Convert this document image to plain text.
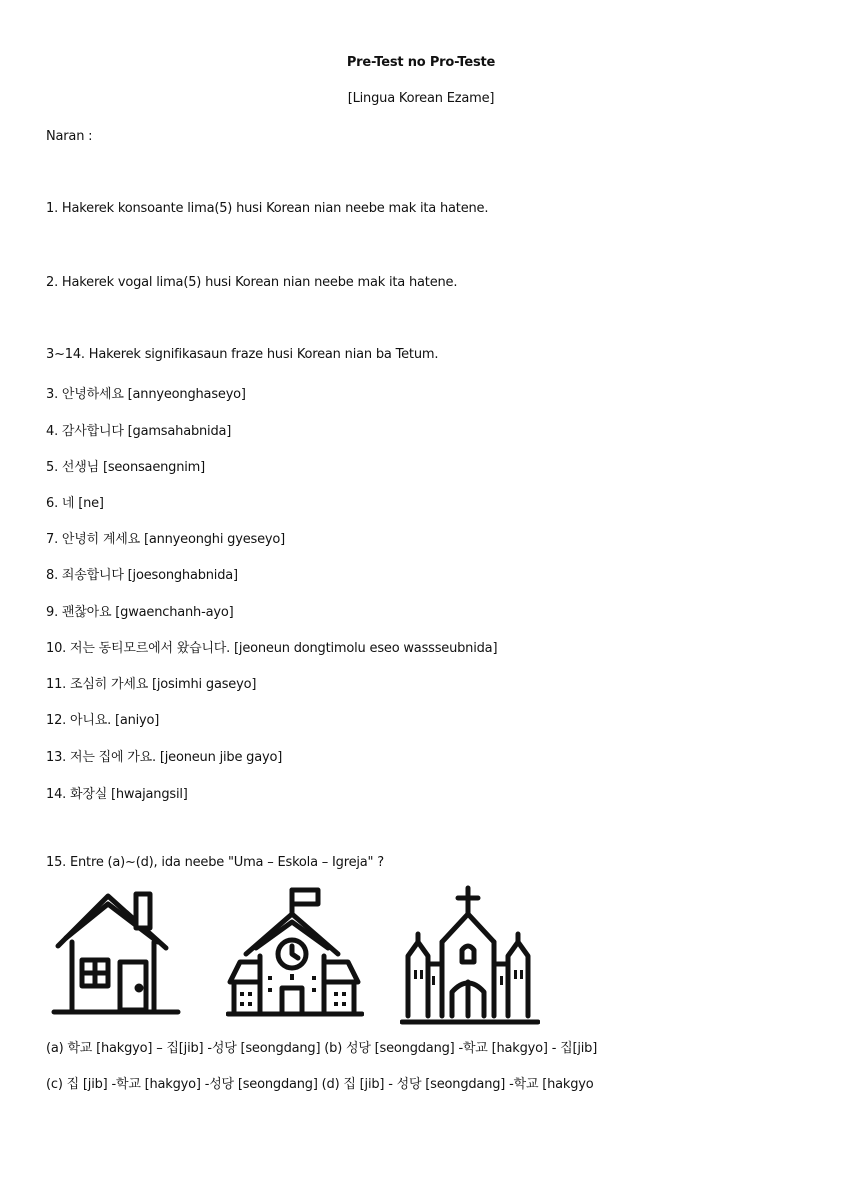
Pre-Test no Pro-Teste
[Lingua Korean Ezame]
Naran :
1. Hakerek konsoante lima(5) husi Korean nian neebe mak ita hatene.
2. Hakerek vogal lima(5) husi Korean nian neebe mak ita hatene.
3~14. Hakerek signifikasaun fraze husi Korean nian ba Tetum.
3. 안녕하세요 [annyeonghaseyo]
4. 감사합니다 [gamsahabnida]
5. 선생님 [seonsaengnim]
6. 네 [ne]
7. 안녕히 계세요 [annyeonghi gyeseyo]
8. 죄송합니다 [joesonghabnida]
9. 괜찮아요 [gwaenchanh-ayo]
10. 저는 동티모르에서 왔습니다. [jeoneun dongtimolu eseo wassseubnida]
11. 조심히 가세요 [josimhi gaseyo]
12. 아니요. [aniyo]
13. 저는 집에 가요. [jeoneun jibe gayo]
14. 화장실 [hwajangsil]
15. Entre (a)~(d), ida neebe "Uma – Eskola – Igreja" ?
(a) 학교 [hakgyo] – 집[jib] -성당 [seongdang] (b) 성당 [seongdang] -학교 [hakgyo] - 집[jib]
(c) 집 [jib] -학교 [hakgyo] -성당 [seongdang] (d) 집 [jib] - 성당 [seongdang] -학교 [hakgyo
